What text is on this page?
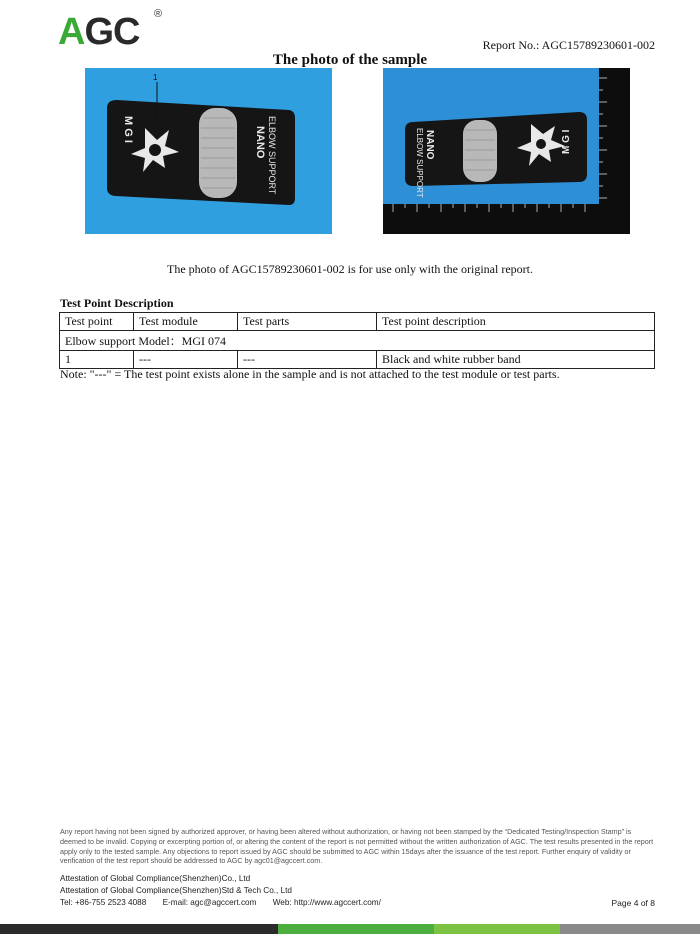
AGC	®
Report No.: AGC15789230601-002
The photo of the sample
M G I	NANO ELBOW SUPPORT
1
M G I
NANO
ELBOW SUPPORT
The photo of AGC15789230601-002 is for use only with the original report.
Test Point Description
Test point	Test module	Test parts	Test point description
Elbow support Model：MGI 074			
1	---	---	Black and white rubber band
Note: "---" = The test point exists alone in the sample and is not attached to the test module or test parts.
Any report having not been signed by authorized approver, or having been altered without authorization, or having not been stamped by the “Dedicated Testing/Inspection Stamp” is deemed to be invalid. Copying or excerpting portion of, or altering the content of the report is not permitted without the written authorization of AGC. The test results presented in the report apply only to the tested sample. Any objections to report issued by AGC should be submitted to AGC within 15days after the issuance of the test report. Further enquiry of validity or verification of the test report should be addressed to AGC by agc01@agccert.com.
Attestation of Global Compliance(Shenzhen)Co., Ltd
Attestation of Global Compliance(Shenzhen)Std & Tech Co., Ltd
Tel: +86-755 2523 4088 E-mail: agc@agccert.com Web: http://www.agccert.com/	Page 4 of 8
